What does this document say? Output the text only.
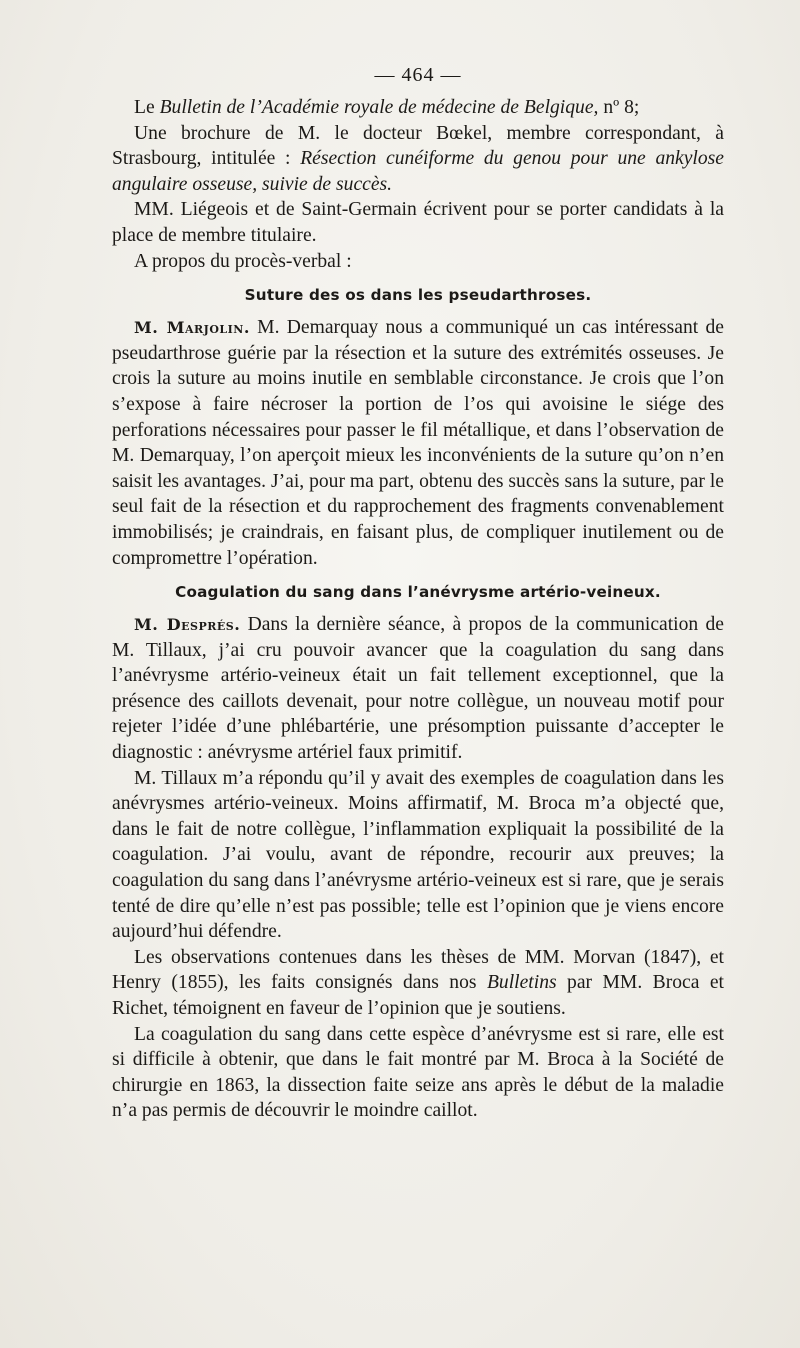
— 464 —

Le Bulletin de l’Académie royale de médecine de Belgique, nº 8;

Une brochure de M. le docteur Bœkel, membre correspondant, à Strasbourg, intitulée : Résection cunéiforme du genou pour une ankylose angulaire osseuse, suivie de succès.

MM. Liégeois et de Saint-Germain écrivent pour se porter candidats à la place de membre titulaire.

A propos du procès-verbal :

Suture des os dans les pseudarthroses.

M. Marjolin. M. Demarquay nous a communiqué un cas intéressant de pseudarthrose guérie par la résection et la suture des extrémités osseuses. Je crois la suture au moins inutile en semblable circonstance. Je crois que l’on s’expose à faire nécroser la portion de l’os qui avoisine le siége des perforations nécessaires pour passer le fil métallique, et dans l’observation de M. Demarquay, l’on aperçoit mieux les inconvénients de la suture qu’on n’en saisit les avantages. J’ai, pour ma part, obtenu des succès sans la suture, par le seul fait de la résection et du rapprochement des fragments convenablement immobilisés; je craindrais, en faisant plus, de compliquer inutilement ou de compromettre l’opération.

Coagulation du sang dans l’anévrysme artério-veineux.

M. Després. Dans la dernière séance, à propos de la communication de M. Tillaux, j’ai cru pouvoir avancer que la coagulation du sang dans l’anévrysme artério-veineux était un fait tellement exceptionnel, que la présence des caillots devenait, pour notre collègue, un nouveau motif pour rejeter l’idée d’une phlébartérie, une présomption puissante d’accepter le diagnostic : anévrysme artériel faux primitif.

M. Tillaux m’a répondu qu’il y avait des exemples de coagulation dans les anévrysmes artério-veineux. Moins affirmatif, M. Broca m’a objecté que, dans le fait de notre collègue, l’inflammation expliquait la possibilité de la coagulation. J’ai voulu, avant de répondre, recourir aux preuves; la coagulation du sang dans l’anévrysme artério-veineux est si rare, que je serais tenté de dire qu’elle n’est pas possible; telle est l’opinion que je viens encore aujourd’hui défendre.

Les observations contenues dans les thèses de MM. Morvan (1847), et Henry (1855), les faits consignés dans nos Bulletins par MM. Broca et Richet, témoignent en faveur de l’opinion que je soutiens.

La coagulation du sang dans cette espèce d’anévrysme est si rare, elle est si difficile à obtenir, que dans le fait montré par M. Broca à la Société de chirurgie en 1863, la dissection faite seize ans après le début de la maladie n’a pas permis de découvrir le moindre caillot.
